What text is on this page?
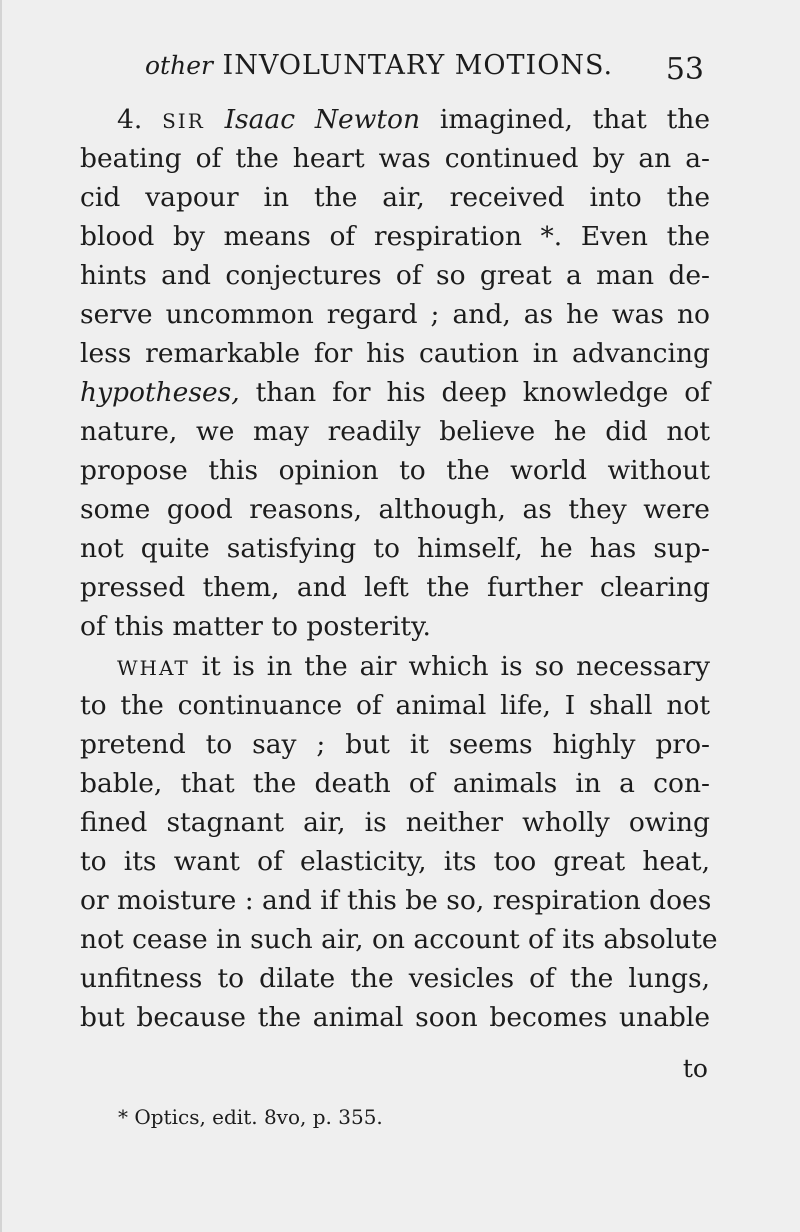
other INVOLUNTARY MOTIONS. 53
4. SIR Isaac Newton imagined, that the
beating of the heart was continued by an a-
cid vapour in the air, received into the
blood by means of respiration *. Even the
hints and conjectures of so great a man de-
serve uncommon regard ; and, as he was no
less remarkable for his caution in advancing
hypotheses, than for his deep knowledge of
nature, we may readily believe he did not
propose this opinion to the world without
some good reasons, although, as they were
not quite satisfying to himself, he has sup-
pressed them, and left the further clearing
of this matter to posterity.
WHAT it is in the air which is so necessary
to the continuance of animal life, I shall not
pretend to say ; but it seems highly pro-
bable, that the death of animals in a con-
fined stagnant air, is neither wholly owing
to its want of elasticity, its too great heat,
or moisture : and if this be so, respiration does
not cease in such air, on account of its absolute
unfitness to dilate the vesicles of the lungs,
but because the animal soon becomes unable
to
* Optics, edit. 8vo, p. 355.
